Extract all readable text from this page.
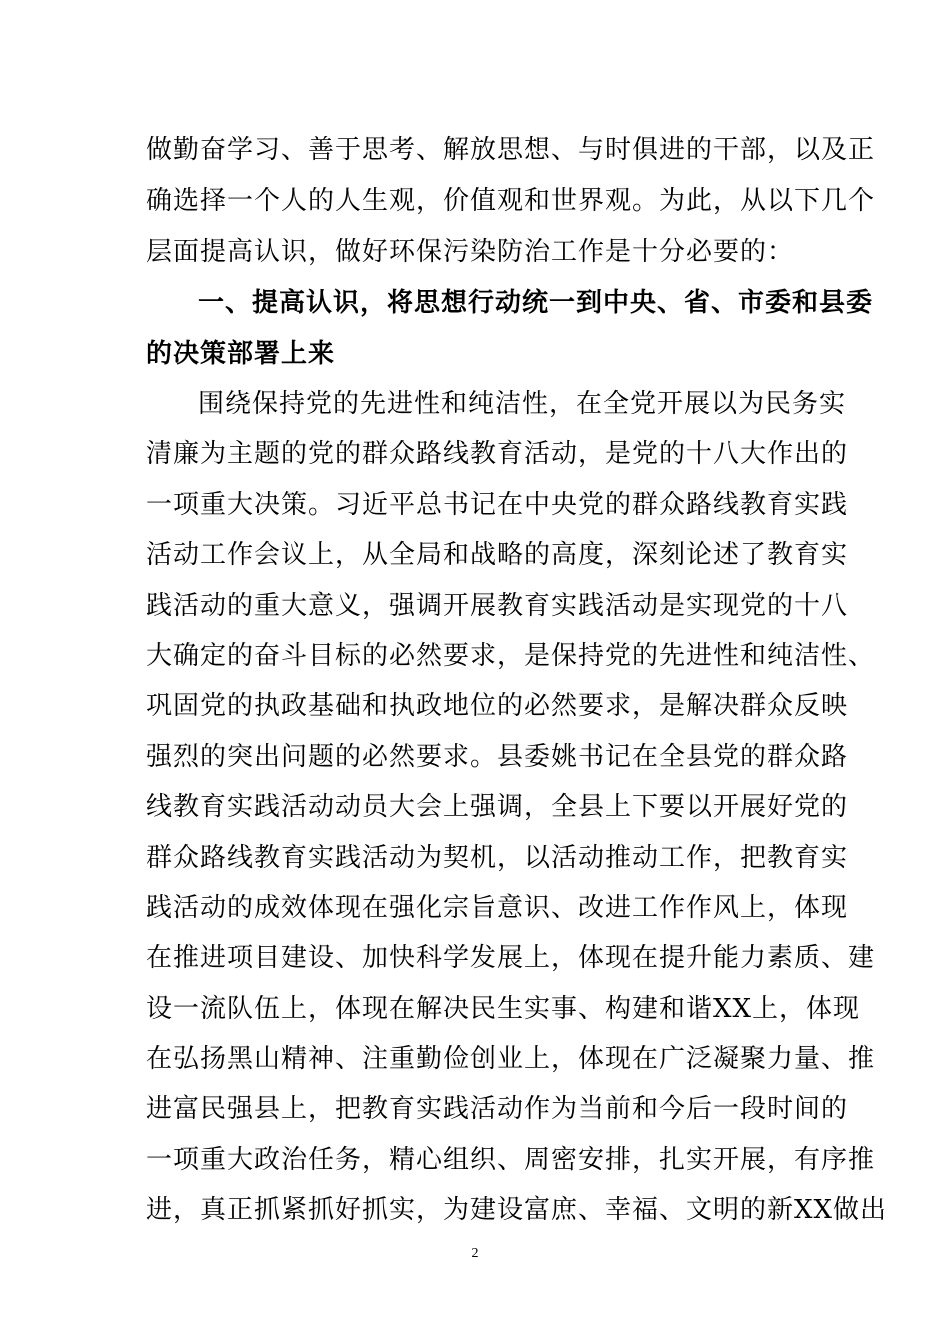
做勤奋学习、善于思考、解放思想、与时俱进的干部，以及正
确选择一个人的人生观，价值观和世界观。为此，从以下几个
层面提高认识，做好环保污染防治工作是十分必要的：
一、提高认识，将思想行动统一到中央、省、市委和县委
的决策部署上来
围绕保持党的先进性和纯洁性，在全党开展以为民务实
清廉为主题的党的群众路线教育活动，是党的十八大作出的
一项重大决策。习近平总书记在中央党的群众路线教育实践
活动工作会议上，从全局和战略的高度，深刻论述了教育实
践活动的重大意义，强调开展教育实践活动是实现党的十八
大确定的奋斗目标的必然要求，是保持党的先进性和纯洁性、
巩固党的执政基础和执政地位的必然要求，是解决群众反映
强烈的突出问题的必然要求。县委姚书记在全县党的群众路
线教育实践活动动员大会上强调，全县上下要以开展好党的
群众路线教育实践活动为契机，以活动推动工作，把教育实
践活动的成效体现在强化宗旨意识、改进工作作风上，体现
在推进项目建设、加快科学发展上，体现在提升能力素质、建
设一流队伍上，体现在解决民生实事、构建和谐XX上，体现
在弘扬黑山精神、注重勤俭创业上，体现在广泛凝聚力量、推
进富民强县上，把教育实践活动作为当前和今后一段时间的
一项重大政治任务，精心组织、周密安排，扎实开展，有序推
进，真正抓紧抓好抓实，为建设富庶、幸福、文明的新XX做出
2
